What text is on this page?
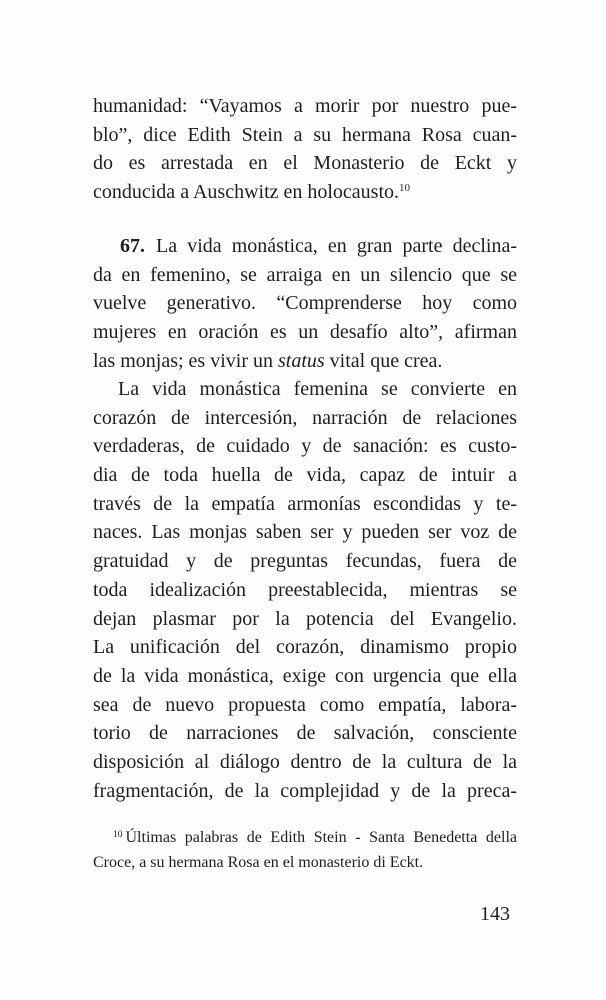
humanidad: “Vayamos a morir por nuestro pue-
blo”, dice Edith Stein a su hermana Rosa cuan-
do es arrestada en el Monasterio de Eckt y
conducida a Auschwitz en holocausto.$^{10}$
67. La vida monástica, en gran parte declina-
da en femenino, se arraiga en un silencio que se
vuelve generativo. “Comprenderse hoy como
mujeres en oración es un desafío alto”, afirman
las monjas; es vivir un status vital que crea.
La vida monástica femenina se convierte en
corazón de intercesión, narración de relaciones
verdaderas, de cuidado y de sanación: es custo-
dia de toda huella de vida, capaz de intuir a
través de la empatía armonías escondidas y te-
naces. Las monjas saben ser y pueden ser voz de
gratuidad y de preguntas fecundas, fuera de
toda idealización preestablecida, mientras se
dejan plasmar por la potencia del Evangelio.
La unificación del corazón, dinamismo propio
de la vida monástica, exige con urgencia que ella
sea de nuevo propuesta como empatía, labora-
torio de narraciones de salvación, consciente
disposición al diálogo dentro de la cultura de la
fragmentación, de la complejidad y de la preca-
$^{10}$ Últimas palabras de Edith Stein - Santa Benedetta della
Croce, a su hermana Rosa en el monasterio di Eckt.
143
